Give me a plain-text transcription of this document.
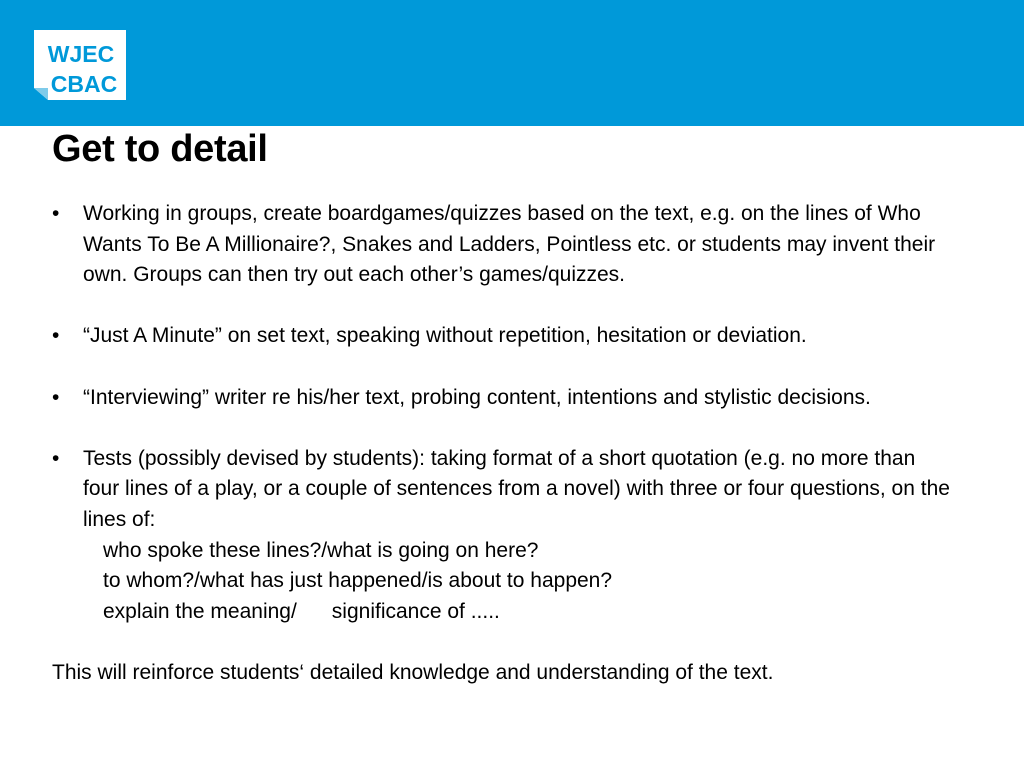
WJEC
CBAC
Get to detail
• Working in groups, create boardgames/quizzes based on the text, e.g. on the lines of Who Wants To Be A Millionaire?, Snakes and Ladders, Pointless etc. or students may invent their own. Groups can then try out each other’s games/quizzes.
• “Just A Minute” on set text, speaking without repetition, hesitation or deviation.
• “Interviewing” writer re his/her text, probing content, intentions and stylistic decisions.
• Tests (possibly devised by students): taking format of a short quotation (e.g. no more than four lines of a play, or a couple of sentences from a novel) with three or four questions, on the lines of:
who spoke these lines?/what is going on here?
to whom?/what has just happened/is about to happen?
explain the meaning/      significance of .....
This will reinforce students‘ detailed knowledge and understanding of the text.
